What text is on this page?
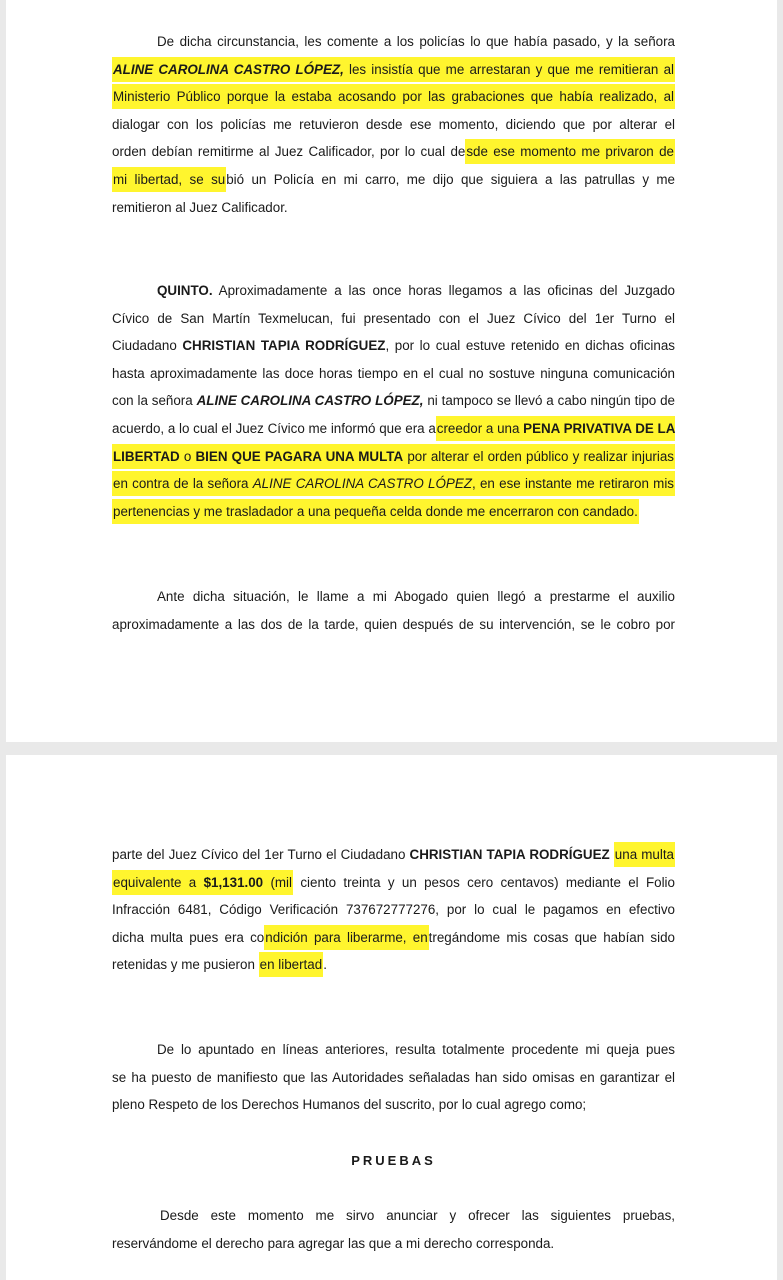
De dicha circunstancia, les comente a los policías lo que había pasado, y la señora
ALINE CAROLINA CASTRO LÓPEZ, les insistía que me arrestaran y que me remitieran al
Ministerio Público porque la estaba acosando por las grabaciones que había realizado, al
dialogar con los policías me retuvieron desde ese momento, diciendo que por alterar el
orden debían remitirme al Juez Calificador, por lo cual desde ese momento me privaron de
mi libertad, se subió un Policía en mi carro, me dijo que siguiera a las patrullas y me
remitieron al Juez Calificador.
QUINTO. Aproximadamente a las once horas llegamos a las oficinas del Juzgado
Cívico de San Martín Texmelucan, fui presentado con el Juez Cívico del 1er Turno el
Ciudadano CHRISTIAN TAPIA RODRÍGUEZ, por lo cual estuve retenido en dichas oficinas
hasta aproximadamente las doce horas tiempo en el cual no sostuve ninguna comunicación
con la señora ALINE CAROLINA CASTRO LÓPEZ, ni tampoco se llevó a cabo ningún tipo de
acuerdo, a lo cual el Juez Cívico me informó que era acreedor a una PENA PRIVATIVA DE LA
LIBERTAD o BIEN QUE PAGARA UNA MULTA por alterar el orden público y realizar injurias
en contra de la señora ALINE CAROLINA CASTRO LÓPEZ, en ese instante me retiraron mis
pertenencias y me trasladador a una pequeña celda donde me encerraron con candado.
Ante dicha situación, le llame a mi Abogado quien llegó a prestarme el auxilio
aproximadamente a las dos de la tarde, quien después de su intervención, se le cobro por
parte del Juez Cívico del 1er Turno el Ciudadano CHRISTIAN TAPIA RODRÍGUEZ una multa
equivalente a $1,131.00 (mil ciento treinta y un pesos cero centavos) mediante el Folio
Infracción 6481, Código Verificación 737672777276, por lo cual le pagamos en efectivo
dicha multa pues era condición para liberarme, entregándome mis cosas que habían sido
retenidas y me pusieron en libertad.
De lo apuntado en líneas anteriores, resulta totalmente procedente mi queja pues
se ha puesto de manifiesto que las Autoridades señaladas han sido omisas en garantizar el
pleno Respeto de los Derechos Humanos del suscrito, por lo cual agrego como;
PRUEBAS
Desde este momento me sirvo anunciar y ofrecer las siguientes pruebas,
reservándome el derecho para agregar las que a mi derecho corresponda.
